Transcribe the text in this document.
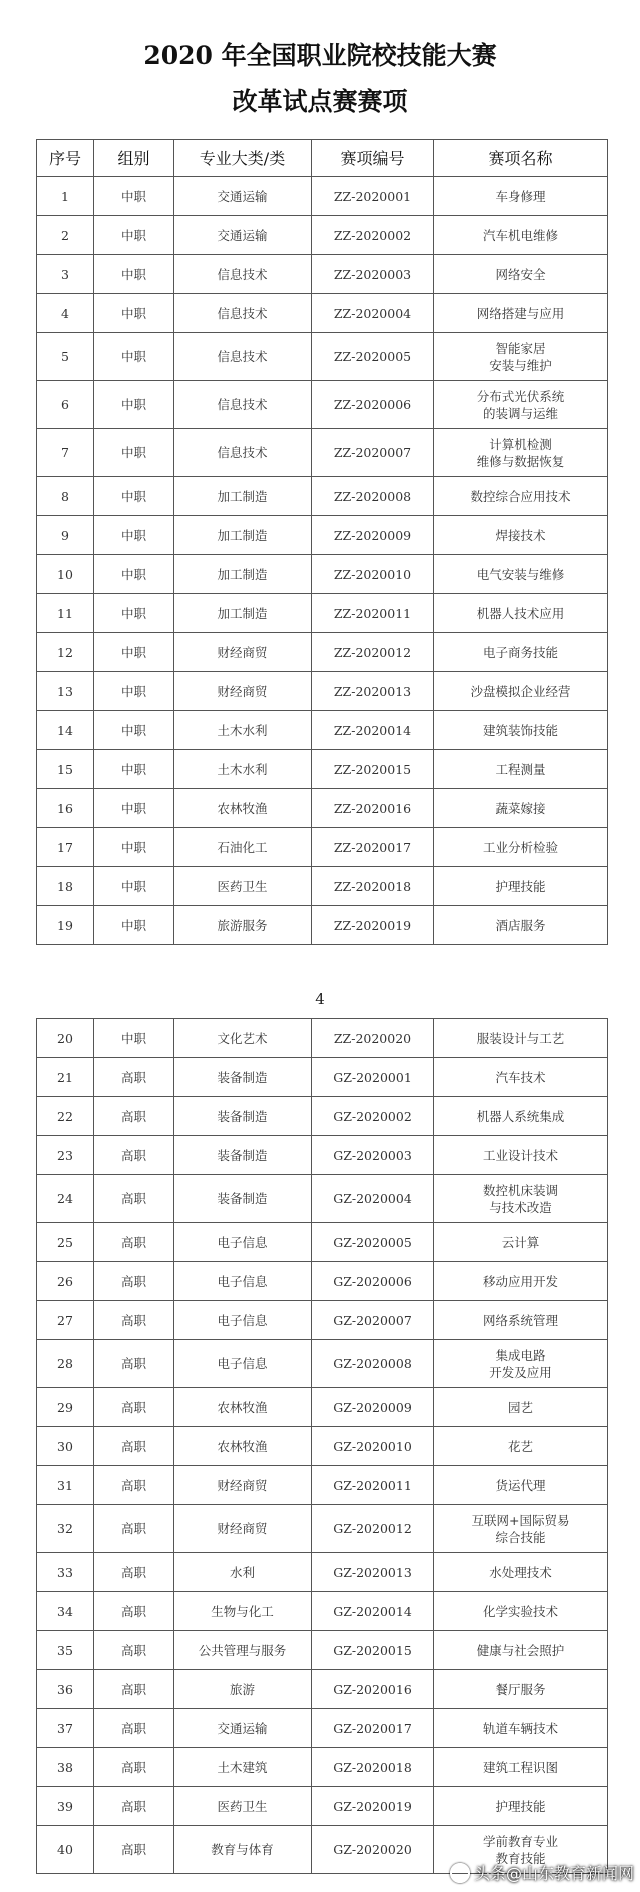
2020 年全国职业院校技能大赛
改革试点赛赛项
序号	组别	专业大类/类	赛项编号	赛项名称
1	中职	交通运输	ZZ-2020001	车身修理
2	中职	交通运输	ZZ-2020002	汽车机电维修
3	中职	信息技术	ZZ-2020003	网络安全
4	中职	信息技术	ZZ-2020004	网络搭建与应用
5	中职	信息技术	ZZ-2020005	智能家居
安装与维护
6	中职	信息技术	ZZ-2020006	分布式光伏系统
的装调与运维
7	中职	信息技术	ZZ-2020007	计算机检测
维修与数据恢复
8	中职	加工制造	ZZ-2020008	数控综合应用技术
9	中职	加工制造	ZZ-2020009	焊接技术
10	中职	加工制造	ZZ-2020010	电气安装与维修
11	中职	加工制造	ZZ-2020011	机器人技术应用
12	中职	财经商贸	ZZ-2020012	电子商务技能
13	中职	财经商贸	ZZ-2020013	沙盘模拟企业经营
14	中职	土木水利	ZZ-2020014	建筑装饰技能
15	中职	土木水利	ZZ-2020015	工程测量
16	中职	农林牧渔	ZZ-2020016	蔬菜嫁接
17	中职	石油化工	ZZ-2020017	工业分析检验
18	中职	医药卫生	ZZ-2020018	护理技能
19	中职	旅游服务	ZZ-2020019	酒店服务
4
20	中职	文化艺术	ZZ-2020020	服装设计与工艺
21	高职	装备制造	GZ-2020001	汽车技术
22	高职	装备制造	GZ-2020002	机器人系统集成
23	高职	装备制造	GZ-2020003	工业设计技术
24	高职	装备制造	GZ-2020004	数控机床装调
与技术改造
25	高职	电子信息	GZ-2020005	云计算
26	高职	电子信息	GZ-2020006	移动应用开发
27	高职	电子信息	GZ-2020007	网络系统管理
28	高职	电子信息	GZ-2020008	集成电路
开发及应用
29	高职	农林牧渔	GZ-2020009	园艺
30	高职	农林牧渔	GZ-2020010	花艺
31	高职	财经商贸	GZ-2020011	货运代理
32	高职	财经商贸	GZ-2020012	互联网+国际贸易
综合技能
33	高职	水利	GZ-2020013	水处理技术
34	高职	生物与化工	GZ-2020014	化学实验技术
35	高职	公共管理与服务	GZ-2020015	健康与社会照护
36	高职	旅游	GZ-2020016	餐厅服务
37	高职	交通运输	GZ-2020017	轨道车辆技术
38	高职	土木建筑	GZ-2020018	建筑工程识图
39	高职	医药卫生	GZ-2020019	护理技能
40	高职	教育与体育	GZ-2020020	学前教育专业
教育技能
头条@山东教育新闻网
